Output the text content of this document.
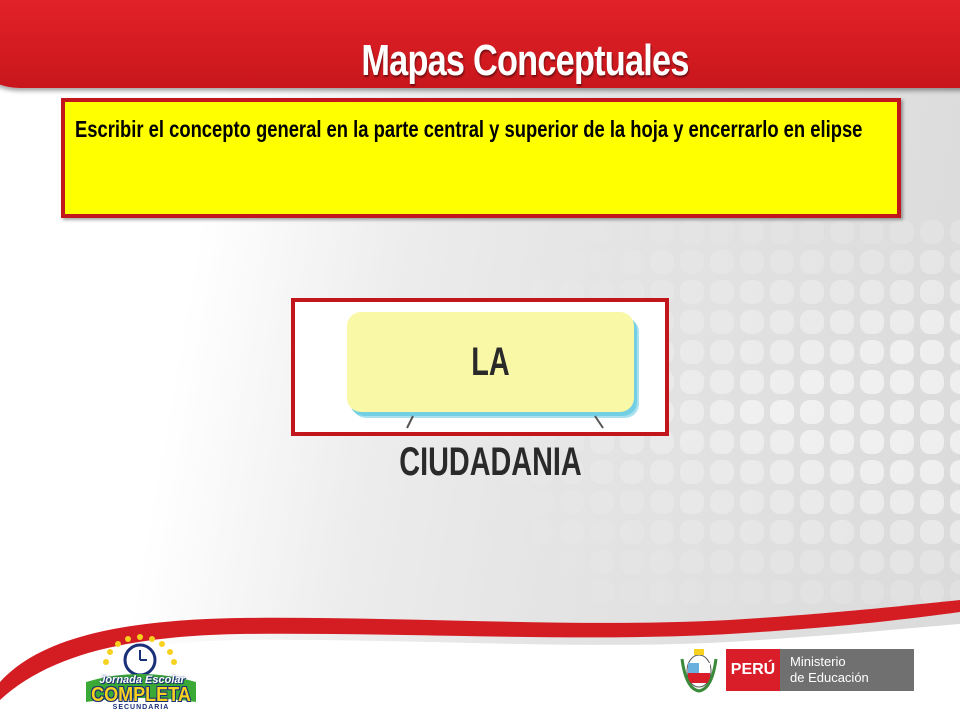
Mapas Conceptuales
Escribir el concepto general en la parte central y superior de la hoja y encerrarlo en elipse
LA CIUDADANIA
Jornada Escolar
COMPLETA
SECUNDARIA
PERÚ	Ministerio
de Educación
